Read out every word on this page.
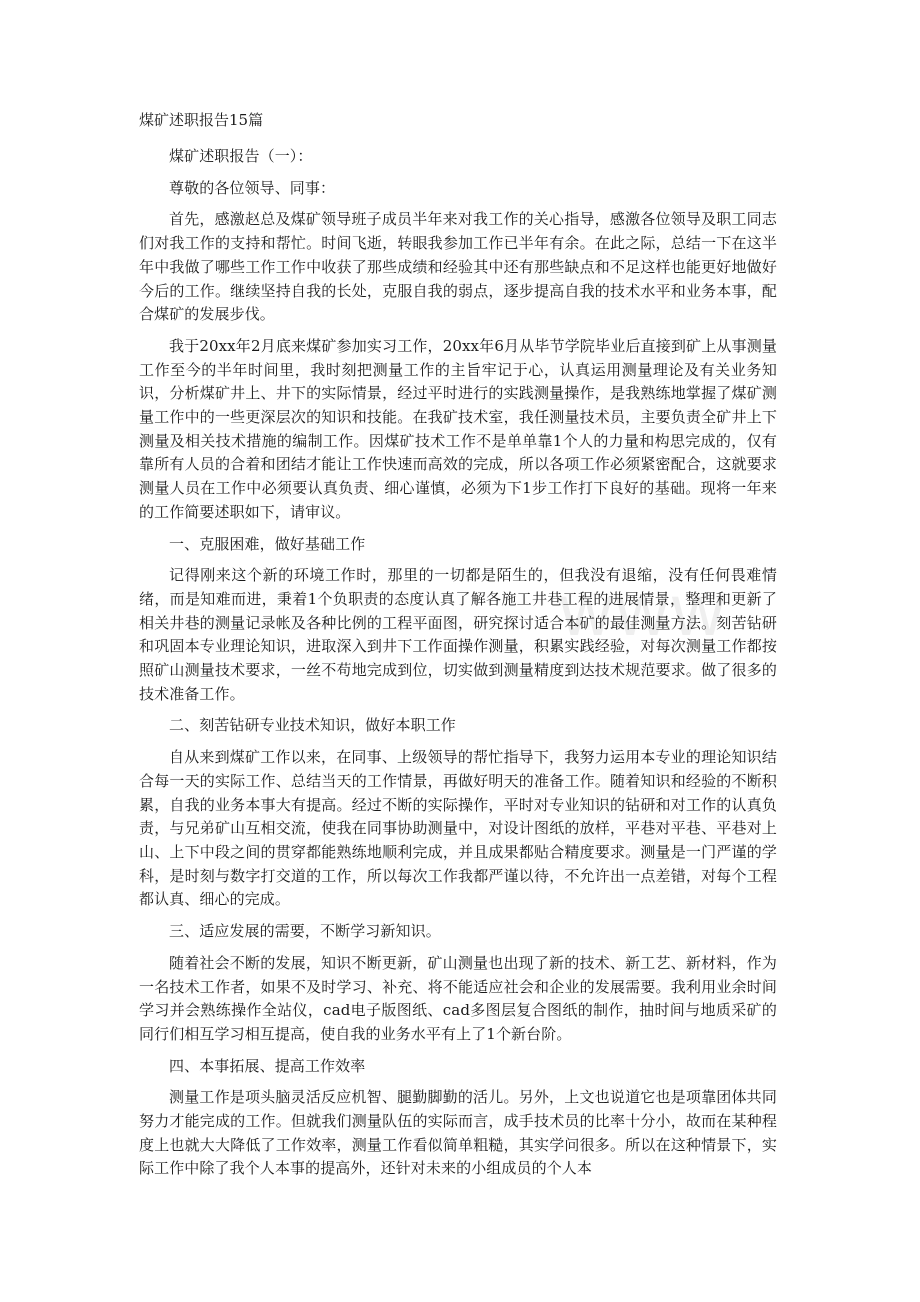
www

煤矿述职报告15篇

煤矿述职报告（一）：

尊敬的各位领导、同事：

首先，感激赵总及煤矿领导班子成员半年来对我工作的关心指导，感激各位领导及职工同志们对我工作的支持和帮忙。时间飞逝，转眼我参加工作已半年有余。在此之际，总结一下在这半年中我做了哪些工作工作中收获了那些成绩和经验其中还有那些缺点和不足这样也能更好地做好今后的工作。继续坚持自我的长处，克服自我的弱点，逐步提高自我的技术水平和业务本事，配合煤矿的发展步伐。

我于20xx年2月底来煤矿参加实习工作，20xx年6月从毕节学院毕业后直接到矿上从事测量工作至今的半年时间里，我时刻把测量工作的主旨牢记于心，认真运用测量理论及有关业务知识，分析煤矿井上、井下的实际情景，经过平时进行的实践测量操作，是我熟练地掌握了煤矿测量工作中的一些更深层次的知识和技能。在我矿技术室，我任测量技术员，主要负责全矿井上下测量及相关技术措施的编制工作。因煤矿技术工作不是单单靠1个人的力量和构思完成的，仅有靠所有人员的合着和团结才能让工作快速而高效的完成，所以各项工作必须紧密配合，这就要求测量人员在工作中必须要认真负责、细心谨慎，必须为下1步工作打下良好的基础。现将一年来的工作简要述职如下，请审议。

一、克服困难，做好基础工作

记得刚来这个新的环境工作时，那里的一切都是陌生的，但我没有退缩，没有任何畏难情绪，而是知难而进，秉着1个负职责的态度认真了解各施工井巷工程的进展情景，整理和更新了相关井巷的测量记录帐及各种比例的工程平面图，研究探讨适合本矿的最佳测量方法。刻苦钻研和巩固本专业理论知识，进取深入到井下工作面操作测量，积累实践经验，对每次测量工作都按照矿山测量技术要求，一丝不苟地完成到位，切实做到测量精度到达技术规范要求。做了很多的技术准备工作。

二、刻苦钻研专业技术知识，做好本职工作

自从来到煤矿工作以来，在同事、上级领导的帮忙指导下，我努力运用本专业的理论知识结合每一天的实际工作、总结当天的工作情景，再做好明天的准备工作。随着知识和经验的不断积累，自我的业务本事大有提高。经过不断的实际操作，平时对专业知识的钻研和对工作的认真负责，与兄弟矿山互相交流，使我在同事协助测量中，对设计图纸的放样，平巷对平巷、平巷对上山、上下中段之间的贯穿都能熟练地顺利完成，并且成果都贴合精度要求。测量是一门严谨的学科，是时刻与数字打交道的工作，所以每次工作我都严谨以待，不允许出一点差错，对每个工程都认真、细心的完成。

三、适应发展的需要，不断学习新知识。

随着社会不断的发展，知识不断更新，矿山测量也出现了新的技术、新工艺、新材料，作为一名技术工作者，如果不及时学习、补充、将不能适应社会和企业的发展需要。我利用业余时间学习并会熟练操作全站仪，cad电子版图纸、cad多图层复合图纸的制作，抽时间与地质采矿的同行们相互学习相互提高，使自我的业务水平有上了1个新台阶。

四、本事拓展、提高工作效率

测量工作是项头脑灵活反应机智、腿勤脚勤的活儿。另外，上文也说道它也是项靠团体共同努力才能完成的工作。但就我们测量队伍的实际而言，成手技术员的比率十分小，故而在某种程度上也就大大降低了工作效率，测量工作看似简单粗糙，其实学问很多。所以在这种情景下，实际工作中除了我个人本事的提高外，还针对未来的小组成员的个人本
